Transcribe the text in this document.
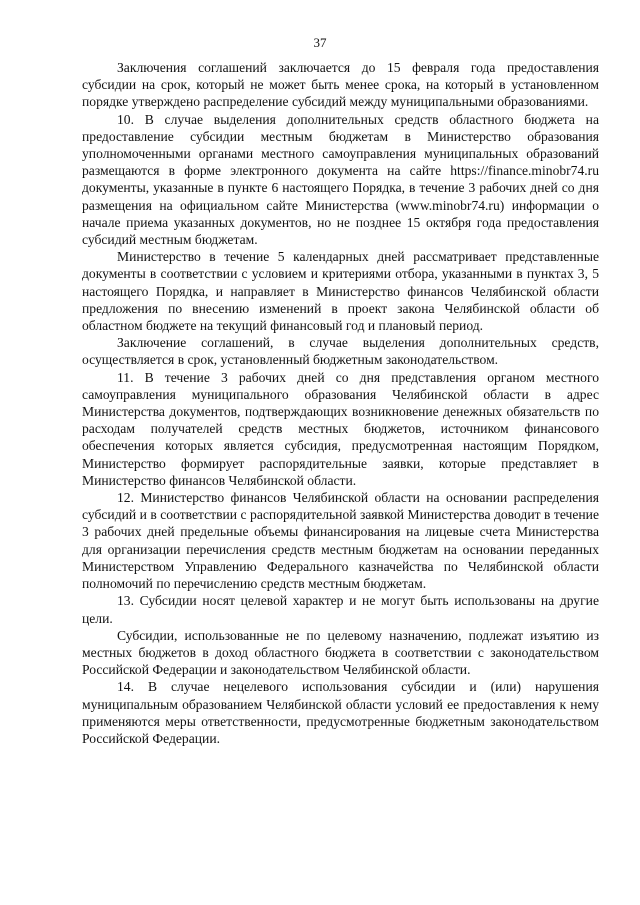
37

Заключения соглашений заключается до 15 февраля года предоставления субсидии на срок, который не может быть менее срока, на который в установленном порядке утверждено распределение субсидий между муниципальными образованиями.

10. В случае выделения дополнительных средств областного бюджета на предоставление субсидии местным бюджетам в Министерство образования уполномоченными органами местного самоуправления муниципальных образований размещаются в форме электронного документа на сайте https://finance.minobr74.ru документы, указанные в пункте 6 настоящего Порядка, в течение 3 рабочих дней со дня размещения на официальном сайте Министерства (www.minobr74.ru) информации о начале приема указанных документов, но не позднее 15 октября года предоставления субсидий местным бюджетам.

Министерство в течение 5 календарных дней рассматривает представленные документы в соответствии с условием и критериями отбора, указанными в пунктах 3, 5 настоящего Порядка, и направляет в Министерство финансов Челябинской области предложения по внесению изменений в проект закона Челябинской области об областном бюджете на текущий финансовый год и плановый период.

Заключение соглашений, в случае выделения дополнительных средств, осуществляется в срок, установленный бюджетным законодательством.

11. В течение 3 рабочих дней со дня представления органом местного самоуправления муниципального образования Челябинской области в адрес Министерства документов, подтверждающих возникновение денежных обязательств по расходам получателей средств местных бюджетов, источником финансового обеспечения которых является субсидия, предусмотренная настоящим Порядком, Министерство формирует распорядительные заявки, которые представляет в Министерство финансов Челябинской области.

12. Министерство финансов Челябинской области на основании распределения субсидий и в соответствии с распорядительной заявкой Министерства доводит в течение 3 рабочих дней предельные объемы финансирования на лицевые счета Министерства для организации перечисления средств местным бюджетам на основании переданных Министерством Управлению Федерального казначейства по Челябинской области полномочий по перечислению средств местным бюджетам.

13. Субсидии носят целевой характер и не могут быть использованы на другие цели.

Субсидии, использованные не по целевому назначению, подлежат изъятию из местных бюджетов в доход областного бюджета в соответствии с законодательством Российской Федерации и законодательством Челябинской области.

14. В случае нецелевого использования субсидии и (или) нарушения муниципальным образованием Челябинской области условий ее предоставления к нему применяются меры ответственности, предусмотренные бюджетным законодательством Российской Федерации.
